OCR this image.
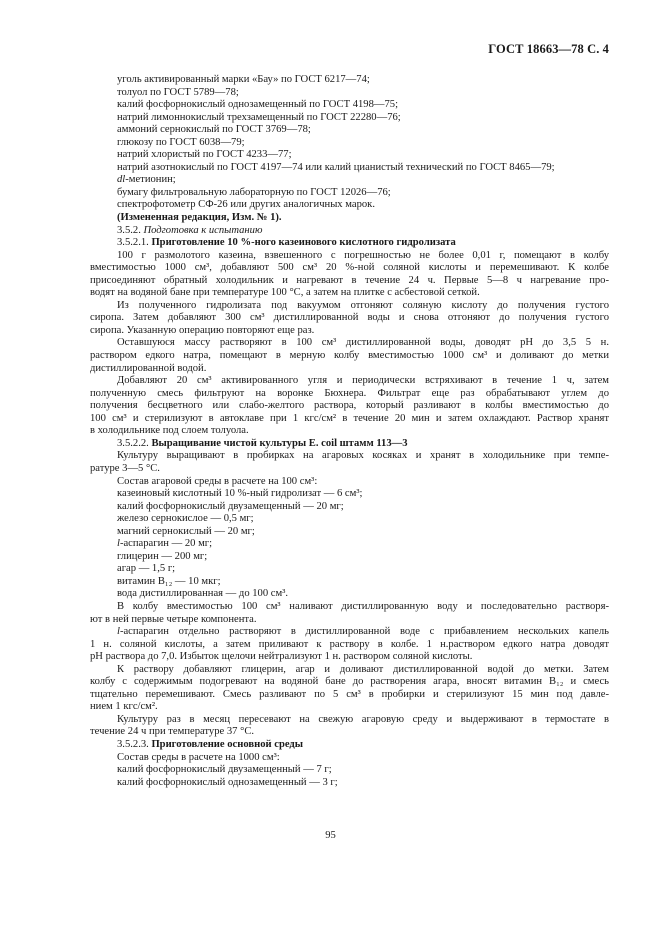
ГОСТ 18663—78 С. 4
уголь активированный марки «Бау» по ГОСТ 6217—74;
толуол по ГОСТ 5789—78;
калий фосфорнокислый однозамещенный по ГОСТ 4198—75;
натрий лимоннокислый трехзамещенный по ГОСТ 22280—76;
аммоний сернокислый по ГОСТ 3769—78;
глюкозу по ГОСТ 6038—79;
натрий хлористый по ГОСТ 4233—77;
натрий азотнокислый по ГОСТ 4197—74 или калий цианистый технический по ГОСТ 8465—79;
dl-метионин;
бумагу фильтровальную лабораторную по ГОСТ 12026—76;
спектрофотометр СФ-26 или других аналогичных марок.
(Измененная редакция, Изм. № 1).
3.5.2. Подготовка к испытанию
3.5.2.1. Приготовление 10 %-ного казеинового кислотного гидролизата
100 г размолотого казеина, взвешенного с погрешностью не более 0,01 г, помещают в колбу
вместимостью 1000 см³, добавляют 500 см³ 20 %-ной соляной кислоты и перемешивают. К колбе
присоединяют обратный холодильник и нагревают в течение 24 ч. Первые 5—8 ч нагревание про-
водят на водяной бане при температуре 100 °С, а затем на плитке с асбестовой сеткой.
Из полученного гидролизата под вакуумом отгоняют соляную кислоту до получения густого
сиропа. Затем добавляют 300 см³ дистиллированной воды и снова отгоняют до получения густого
сиропа. Указанную операцию повторяют еще раз.
Оставшуюся массу растворяют в 100 см³ дистиллированной воды, доводят pH до 3,5 5 н.
раствором едкого натра, помещают в мерную колбу вместимостью 1000 см³ и доливают до метки
дистиллированной водой.
Добавляют 20 см³ активированного угля и периодически встряхивают в течение 1 ч, затем
полученную смесь фильтруют на воронке Бюхнера. Фильтрат еще раз обрабатывают углем до
получения бесцветного или слабо-желтого раствора, который разливают в колбы вместимостью до
100 см³ и стерилизуют в автоклаве при 1 кгс/см² в течение 20 мин и затем охлаждают. Раствор хранят
в холодильнике под слоем толуола.
3.5.2.2. Выращивание чистой культуры E. coil штамм 113—3
Культуру выращивают в пробирках на агаровых косяках и хранят в холодильнике при темпе-
ратуре 3—5 °С.
Состав агаровой среды в расчете на 100 см³:
казеиновый кислотный 10 %-ный гидролизат — 6 см³;
калий фосфорнокислый двузамещенный — 20 мг;
железо сернокислое — 0,5 мг;
магний сернокислый — 20 мг;
l-аспарагин — 20 мг;
глицерин — 200 мг;
агар — 1,5 г;
витамин B₁₂ — 10 мкг;
вода дистиллированная — до 100 см³.
В колбу вместимостью 100 см³ наливают дистиллированную воду и последовательно растворя-
ют в ней первые четыре компонента.
l-аспарагин отдельно растворяют в дистиллированной воде с прибавлением нескольких капель
1 н. соляной кислоты, а затем приливают к раствору в колбе. 1 н.раствором едкого натра доводят
pH раствора до 7,0. Избыток щелочи нейтрализуют 1 н. раствором соляной кислоты.
К раствору добавляют глицерин, агар и доливают дистиллированной водой до метки. Затем
колбу с содержимым подогревают на водяной бане до растворения агара, вносят витамин B₁₂ и смесь
тщательно перемешивают. Смесь разливают по 5 см³ в пробирки и стерилизуют 15 мин под давле-
нием 1 кгс/см².
Культуру раз в месяц пересевают на свежую агаровую среду и выдерживают в термостате в
течение 24 ч при температуре 37 °С.
3.5.2.3. Приготовление основной среды
Состав среды в расчете на 1000 см³:
калий фосфорнокислый двузамещенный — 7 г;
калий фосфорнокислый однозамещенный — 3 г;
95
